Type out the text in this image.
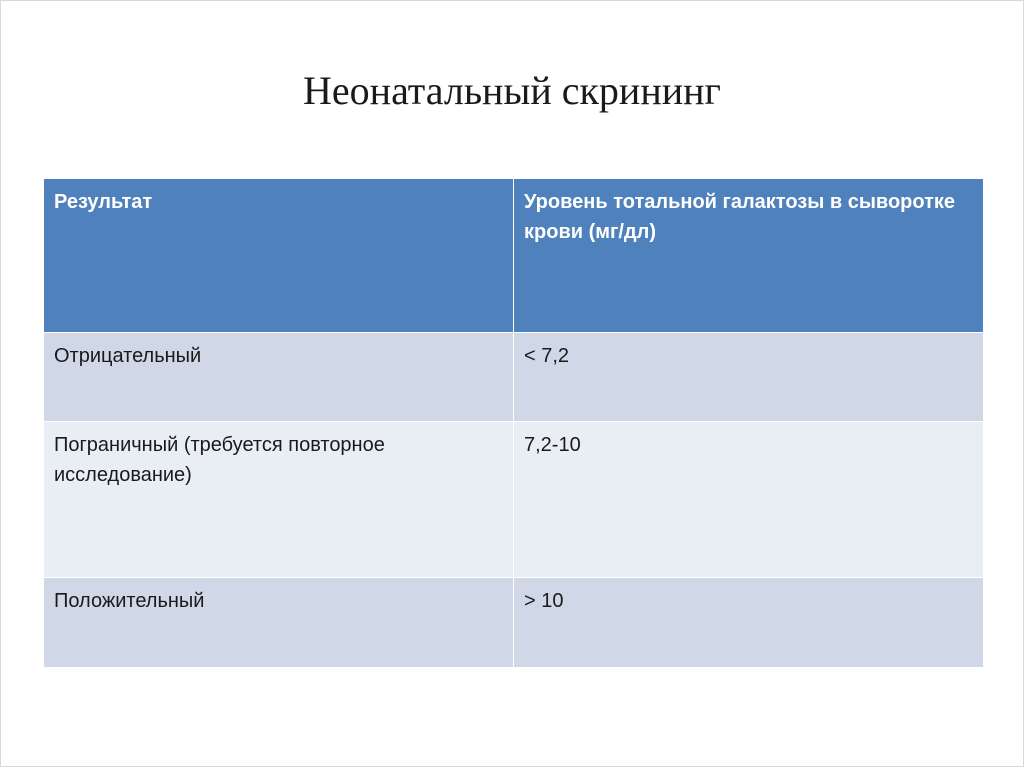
Неонатальный скрининг
Результат	Уровень тотальной галактозы в сыворотке крови (мг/дл)
Отрицательный	< 7,2
Пограничный (требуется повторное исследование)	7,2-10
Положительный	> 10
